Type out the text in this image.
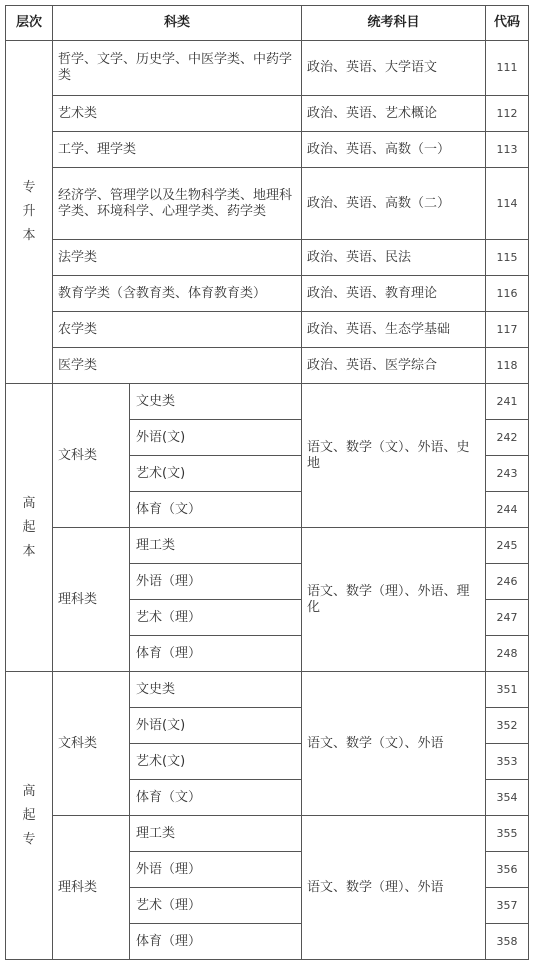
层次	科类		统考科目	代码
专升本	哲学、文学、历史学、中医学类、中药学类		政治、英语、大学语文	111
	艺术类		政治、英语、艺术概论	112
	工学、理学类		政治、英语、高数（一）	113
	经济学、管理学以及生物科学类、地理科学类、环境科学、心理学类、药学类		政治、英语、高数（二）	114
	法学类		政治、英语、民法	115
	教育学类（含教育类、体育教育类）		政治、英语、教育理论	116
	农学类		政治、英语、生态学基础	117
	医学类		政治、英语、医学综合	118
高起本	文科类	文史类	语文、数学（文）、外语、史地	241
		外语(文)		242
		艺术(文)		243
		体育（文）		244
	理科类	理工类	语文、数学（理）、外语、理化	245
		外语（理）		246
		艺术（理）		247
		体育（理）		248
高起专	文科类	文史类	语文、数学（文）、外语	351
		外语(文)		352
		艺术(文)		353
		体育（文）		354
	理科类	理工类	语文、数学（理）、外语	355
		外语（理）		356
		艺术（理）		357
		体育（理）		358
